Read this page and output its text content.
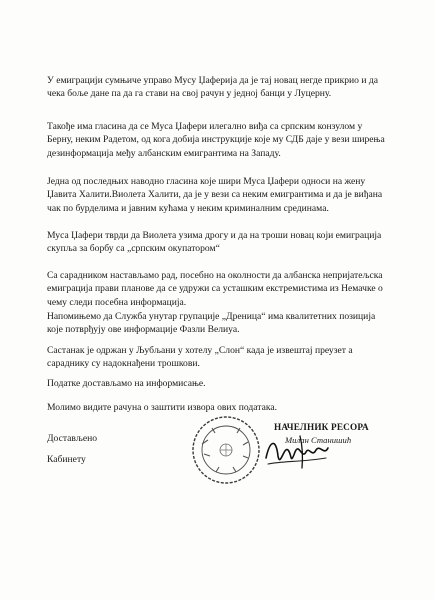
У емиграцији сумњиче управо Мусу Џаферија да је тај новац негде прикрио и да чека боље дане па да га стави на свој рачун у једној банци у Луцерну.

Такође има гласина да се Муса Џафери илегално виђа са српским конзулом у Берну, неким Радетом, од кога добија инструкције које му СДБ даје у вези ширења дезинформација међу албанским емигрантима на Западу.

Једна од последњих наводно гласина које шири Муса Џафери односи на жену Џавита Халити.Виолета Халити, да је у вези са неким емигрантима и да је виђана чак по бурделима и јавним кућама у неким криминалним срединама.

Муса Џафери тврди да Виолета узима дрогу и да на троши новац који емиграција скупља за борбу са „српским окупатором“

Са сарадником настављамо рад, посебно на околности да албанска непријатељска емиграција прави планове да се удружи са усташким екстремистима из Немачке о чему следи посебна информација.

Напомињемо да Служба унутар групације „Дреница“ има квалитетних позиција које потврђују ове информације Фазли Велиуа.

Састанак је одржан у Љубљани у хотелу „Слон“ када је извештај преузет а сараднику су надокнађени трошкови.

Податке достављамо на информисање.

Молимо видите рачуна о заштити извора ових података.

Достављено
Кабинету
НАЧЕЛНИК РЕСОРА
Милан Станишић
